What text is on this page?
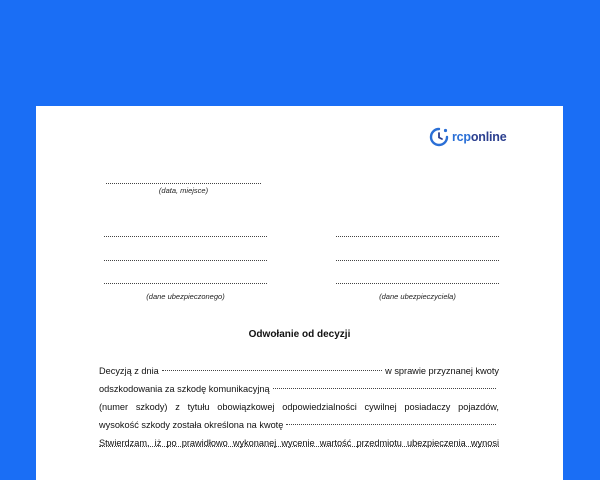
rcponline
(data, miejsce)
(dane ubezpieczonego)	(dane ubezpieczyciela)
Odwołanie od decyzji
Decyzją z dnia	w sprawie przyznanej kwoty
odszkodowania za szkodę komunikacyjną
(numer szkody) z tytułu obowiązkowej odpowiedzialności cywilnej posiadaczy pojazdów,
wysokość szkody została określona na kwotę
Stwierdzam, iż po prawidłowo wykonanej wycenie wartość przedmiotu ubezpieczenia wynosi
